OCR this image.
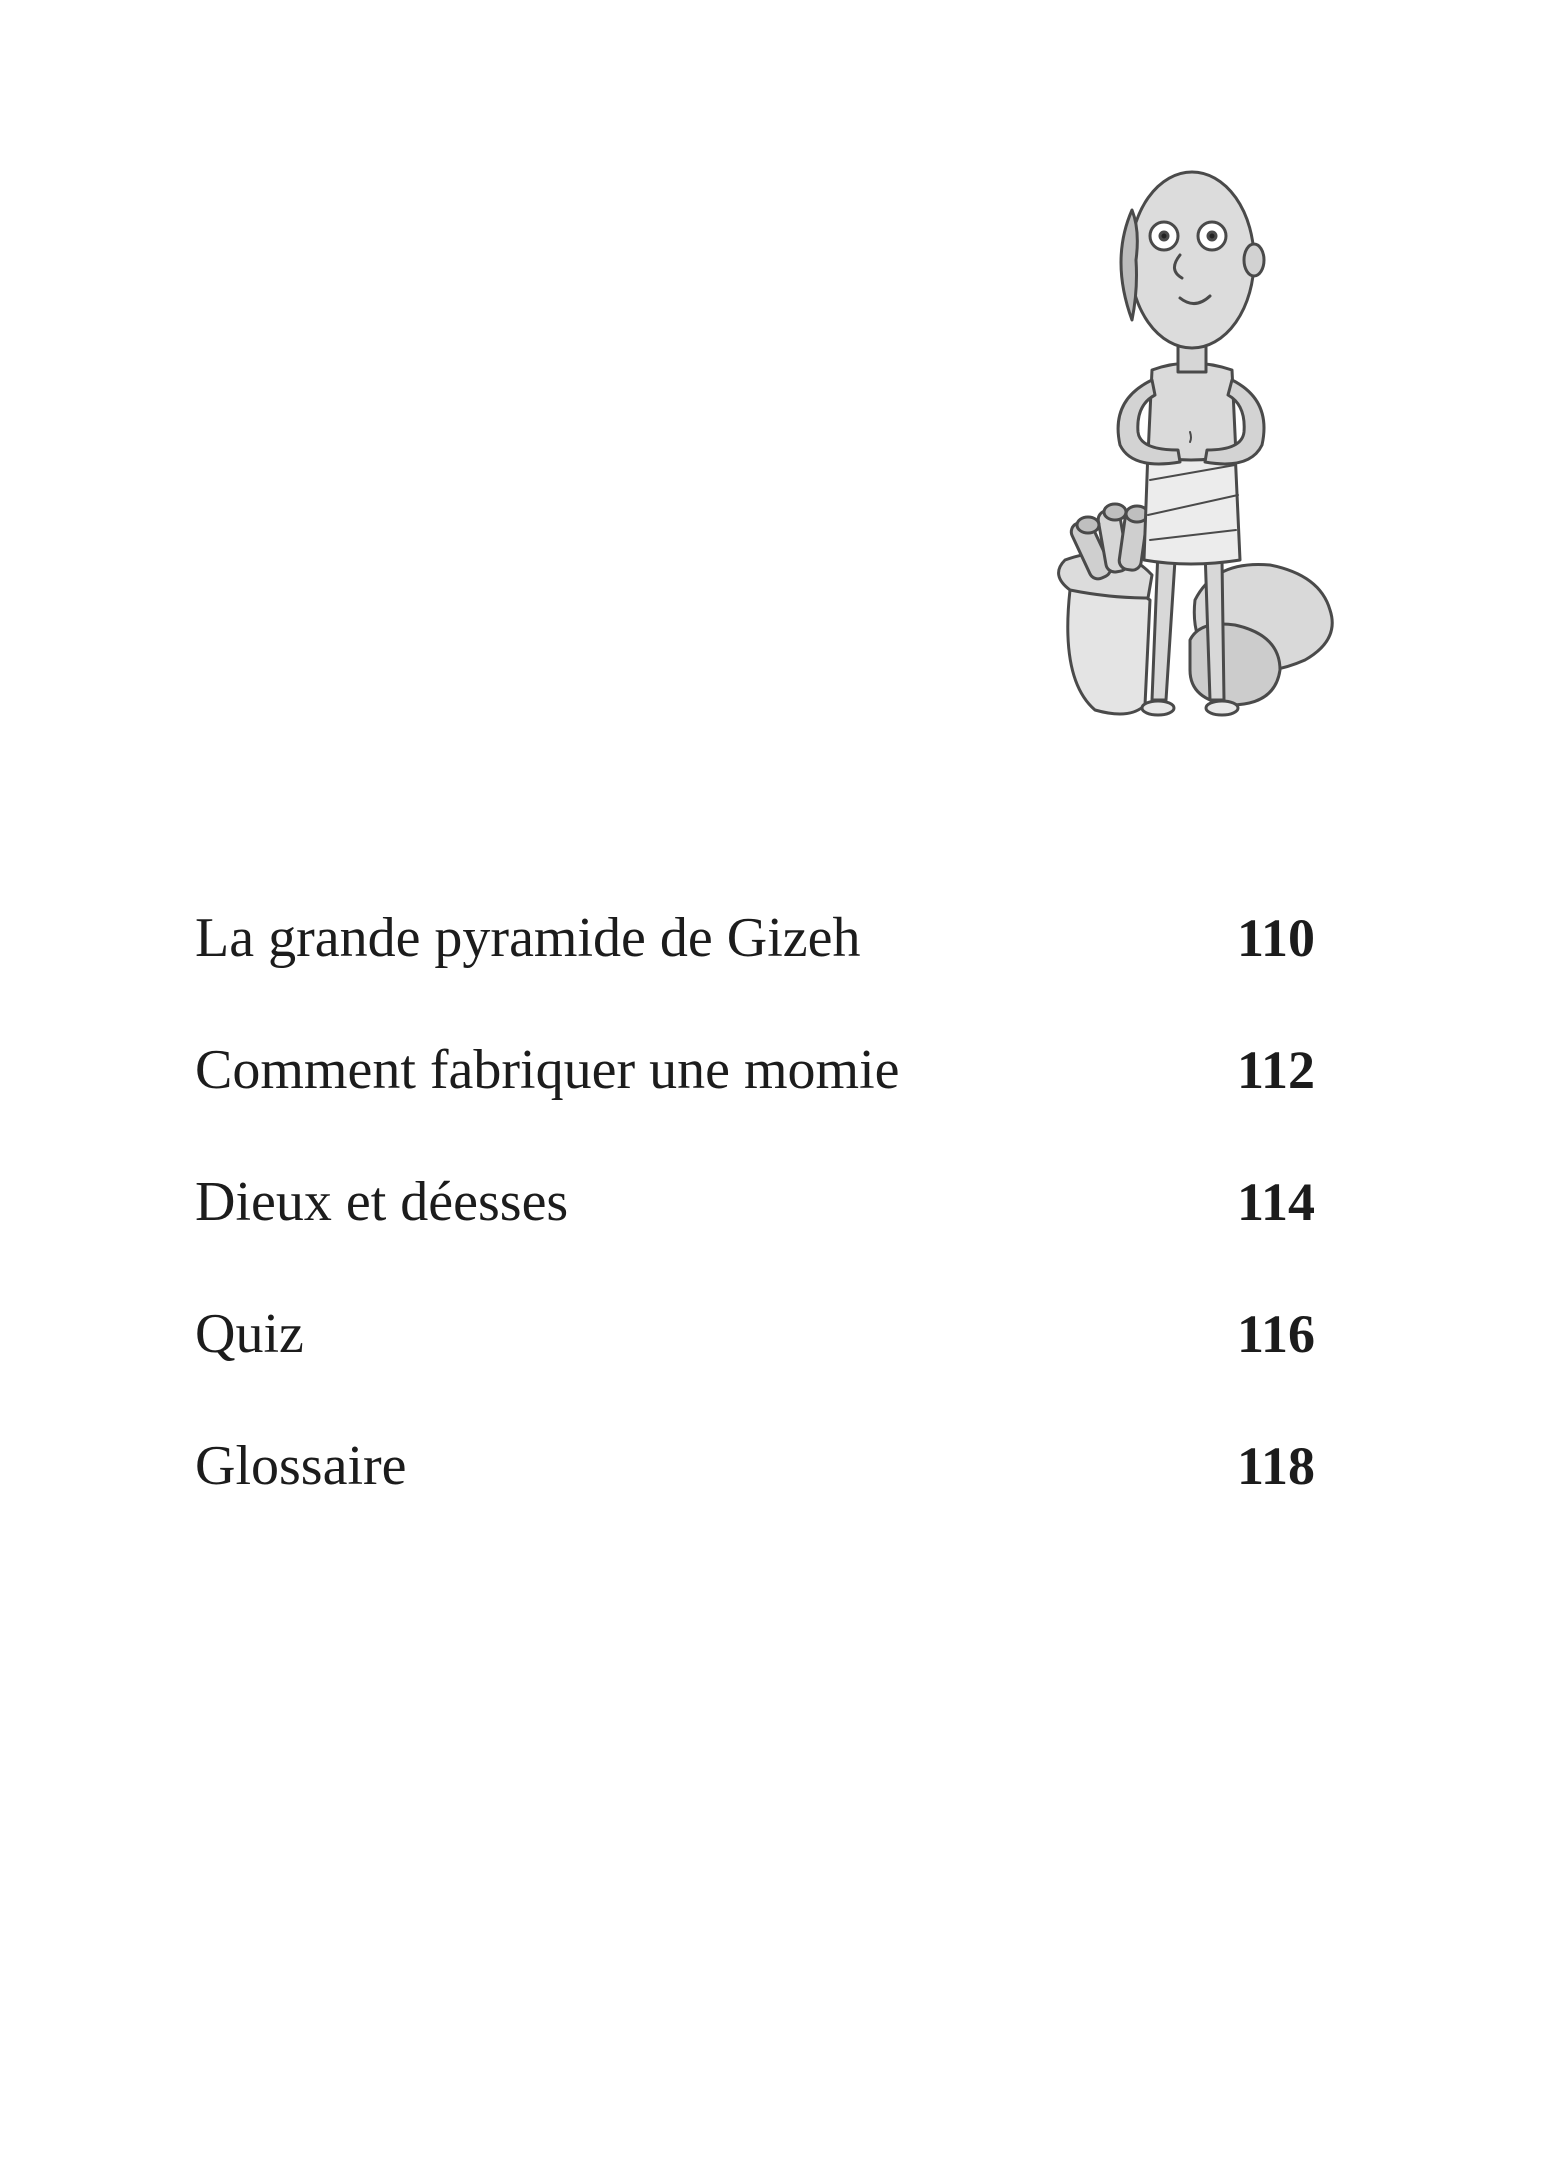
La grande pyramide de Gizeh	110
Comment fabriquer une momie	112
Dieux et déesses	114
Quiz	116
Glossaire	118
